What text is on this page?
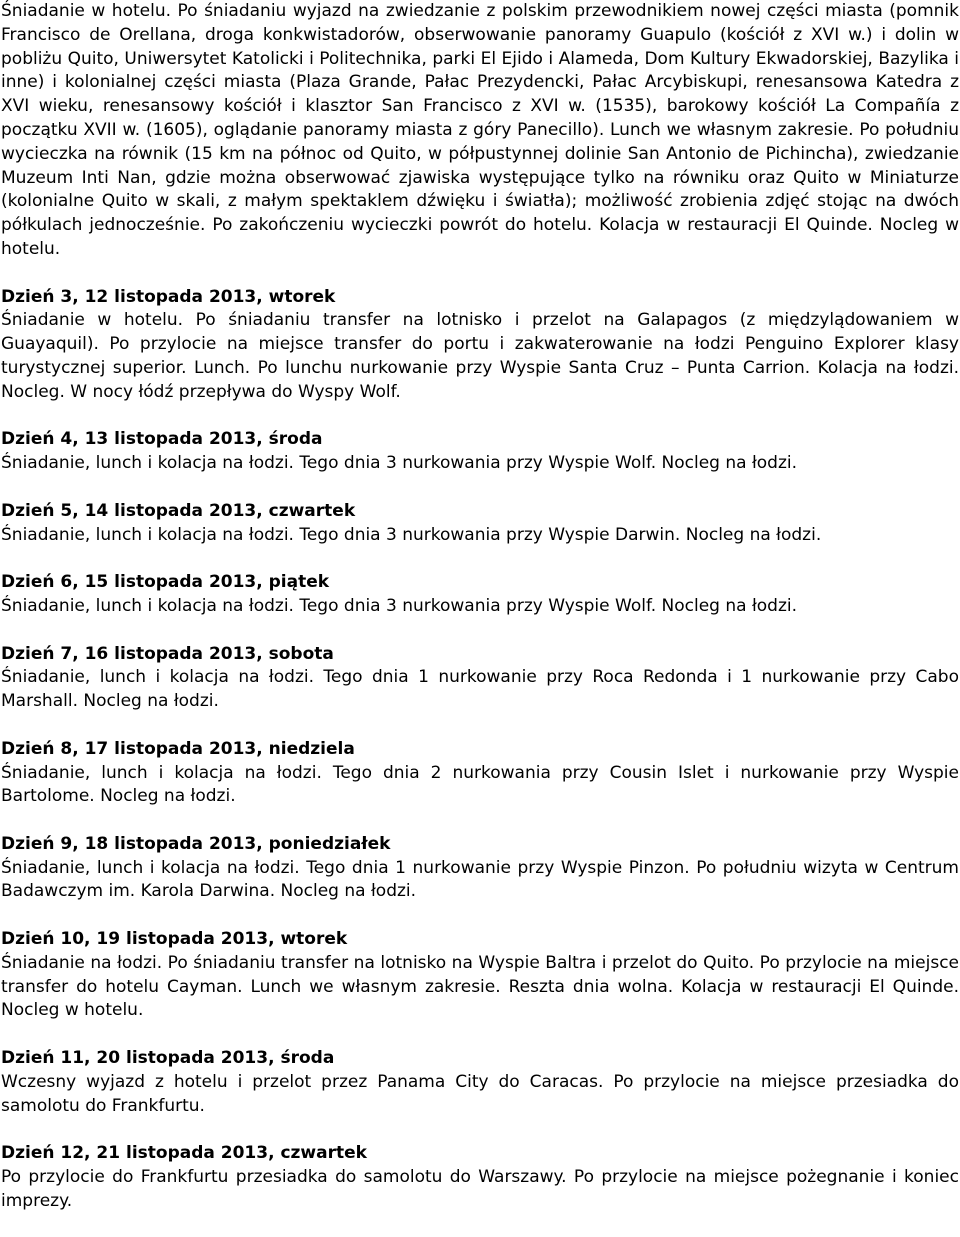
Śniadanie w hotelu. Po śniadaniu wyjazd na zwiedzanie z polskim przewodnikiem nowej części miasta (pomnik Francisco de Orellana, droga konkwistadorów, obserwowanie panoramy Guapulo (kościół z XVI w.) i dolin w pobliżu Quito, Uniwersytet Katolicki i Politechnika, parki El Ejido i Alameda, Dom Kultury Ekwadorskiej, Bazylika i inne) i kolonialnej części miasta (Plaza Grande, Pałac Prezydencki, Pałac Arcybiskupi, renesansowa Katedra z XVI wieku, renesansowy kościół i klasztor San Francisco z XVI w. (1535), barokowy kościół La Compañía z początku XVII w. (1605), oglądanie panoramy miasta z góry Panecillo). Lunch we własnym zakresie. Po południu wycieczka na równik (15 km na północ od Quito, w półpustynnej dolinie San Antonio de Pichincha), zwiedzanie Muzeum Inti Nan, gdzie można obserwować zjawiska występujące tylko na równiku oraz Quito w Miniaturze (kolonialne Quito w skali, z małym spektaklem dźwięku i światła); możliwość zrobienia zdjęć stojąc na dwóch półkulach jednocześnie. Po zakończeniu wycieczki powrót do hotelu. Kolacja w restauracji El Quinde. Nocleg w hotelu.

Dzień 3, 12 listopada 2013, wtorek

Śniadanie w hotelu. Po śniadaniu transfer na lotnisko i przelot na Galapagos (z międzylądowaniem w Guayaquil). Po przylocie na miejsce transfer do portu i zakwaterowanie na łodzi Penguino Explorer klasy turystycznej superior. Lunch. Po lunchu nurkowanie przy Wyspie Santa Cruz – Punta Carrion. Kolacja na łodzi. Nocleg. W nocy łódź przepływa do Wyspy Wolf.

Dzień 4, 13 listopada 2013, środa

Śniadanie, lunch i kolacja na łodzi. Tego dnia 3 nurkowania przy Wyspie Wolf. Nocleg na łodzi.

Dzień 5, 14 listopada 2013, czwartek

Śniadanie, lunch i kolacja na łodzi. Tego dnia 3 nurkowania przy Wyspie Darwin. Nocleg na łodzi.

Dzień 6, 15 listopada 2013, piątek

Śniadanie, lunch i kolacja na łodzi. Tego dnia 3 nurkowania przy Wyspie Wolf. Nocleg na łodzi.

Dzień 7, 16 listopada 2013, sobota

Śniadanie, lunch i kolacja na łodzi. Tego dnia 1 nurkowanie przy Roca Redonda i 1 nurkowanie przy Cabo Marshall. Nocleg na łodzi.

Dzień 8, 17 listopada 2013, niedziela

Śniadanie, lunch i kolacja na łodzi. Tego dnia 2 nurkowania przy Cousin Islet i nurkowanie przy Wyspie Bartolome. Nocleg na łodzi.

Dzień 9, 18 listopada 2013, poniedziałek

Śniadanie, lunch i kolacja na łodzi. Tego dnia 1 nurkowanie przy Wyspie Pinzon. Po południu wizyta w Centrum Badawczym im. Karola Darwina. Nocleg na łodzi.

Dzień 10, 19 listopada 2013, wtorek

Śniadanie na łodzi. Po śniadaniu transfer na lotnisko na Wyspie Baltra i przelot do Quito. Po przylocie na miejsce transfer do hotelu Cayman. Lunch we własnym zakresie. Reszta dnia wolna. Kolacja w restauracji El Quinde. Nocleg w hotelu.

Dzień 11, 20 listopada 2013, środa

Wczesny wyjazd z hotelu i przelot przez Panama City do Caracas. Po przylocie na miejsce przesiadka do samolotu do Frankfurtu.

Dzień 12, 21 listopada 2013, czwartek

Po przylocie do Frankfurtu przesiadka do samolotu do Warszawy. Po przylocie na miejsce pożegnanie i koniec imprezy.
